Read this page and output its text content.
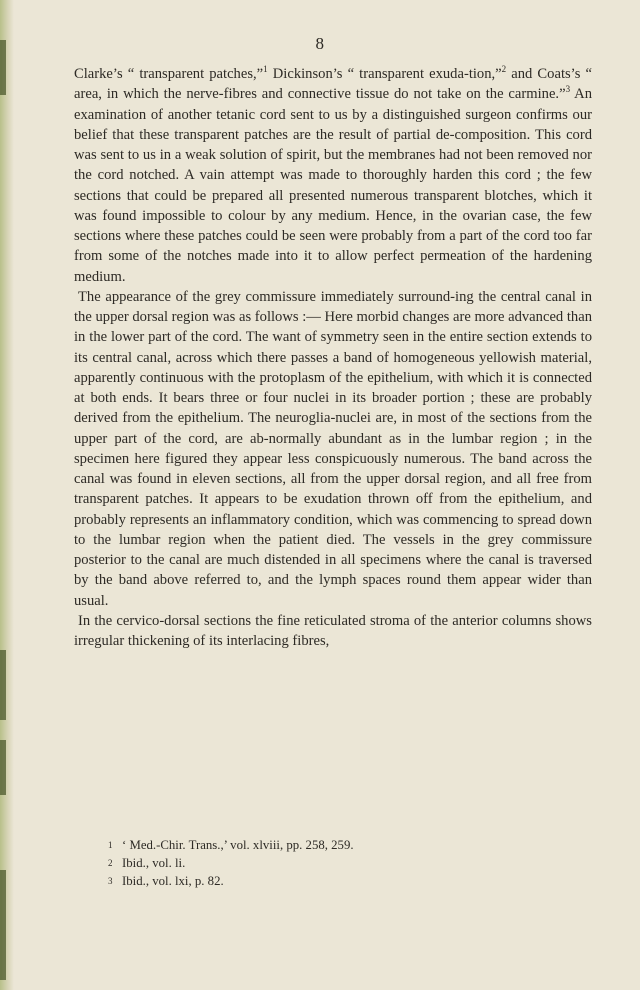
8

Clarke’s “ transparent patches,”$^1$ Dickinson’s “ transparent exuda-tion,”$^2$ and Coats’s “ area, in which the nerve-fibres and connective tissue do not take on the carmine.”$^3$ An examination of another tetanic cord sent to us by a distinguished surgeon confirms our belief that these transparent patches are the result of partial de-composition. This cord was sent to us in a weak solution of spirit, but the membranes had not been removed nor the cord notched. A vain attempt was made to thoroughly harden this cord ; the few sections that could be prepared all presented numerous transparent blotches, which it was found impossible to colour by any medium. Hence, in the ovarian case, the few sections where these patches could be seen were probably from a part of the cord too far from some of the notches made into it to allow perfect permeation of the hardening medium.

The appearance of the grey commissure immediately surround-ing the central canal in the upper dorsal region was as follows :— Here morbid changes are more advanced than in the lower part of the cord. The want of symmetry seen in the entire section extends to its central canal, across which there passes a band of homogeneous yellowish material, apparently continuous with the protoplasm of the epithelium, with which it is connected at both ends. It bears three or four nuclei in its broader portion ; these are probably derived from the epithelium. The neuroglia-nuclei are, in most of the sections from the upper part of the cord, are ab-normally abundant as in the lumbar region ; in the specimen here figured they appear less conspicuously numerous. The band across the canal was found in eleven sections, all from the upper dorsal region, and all free from transparent patches. It appears to be exudation thrown off from the epithelium, and probably represents an inflammatory condition, which was commencing to spread down to the lumbar region when the patient died. The vessels in the grey commissure posterior to the canal are much distended in all specimens where the canal is traversed by the band above referred to, and the lymph spaces round them appear wider than usual.

In the cervico-dorsal sections the fine reticulated stroma of the anterior columns shows irregular thickening of its interlacing fibres,

1 ‘ Med.-Chir. Trans.,’ vol. xlviii, pp. 258, 259.
2 Ibid., vol. li.
3 Ibid., vol. lxi, p. 82.
